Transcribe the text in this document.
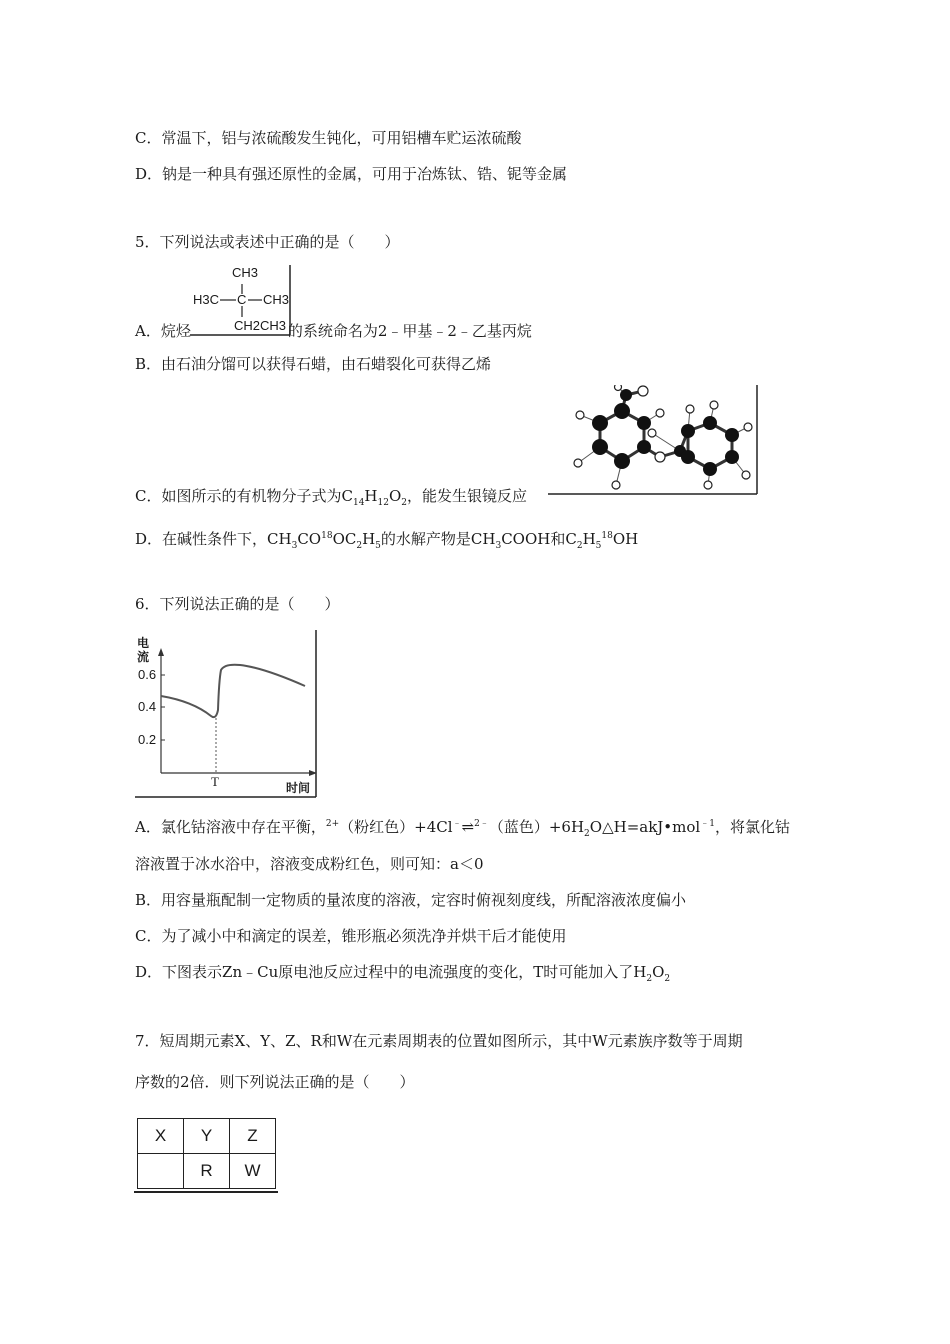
C．常温下，铝与浓硫酸发生钝化，可用铝槽车贮运浓硫酸
D．钠是一种具有强还原性的金属，可用于冶炼钛、锆、铌等金属
5．下列说法或表述中正确的是（　　）
CH3
H3C C CH3
CH2CH3
A．烷烃	的系统命名为2﹣甲基﹣2﹣乙基丙烷
B．由石油分馏可以获得石蜡，由石蜡裂化可获得乙烯
C．如图所示的有机物分子式为$C_{14}H_{12}O_2$，能发生银镜反应
D．在碱性条件下，$CH_3CO^{18}OC_2H_5$的水解产物是$CH_3COOH$和$C_2H_5^{18}OH$
6．下列说法正确的是（　　）
电
流
0.6
0.4
0.2
T	时间
A．氯化钴溶液中存在平衡，$^{2+}$（粉红色）+4Cl﹣⇌$^{2﹣}$（蓝色）$+6H_2O\triangle H=akJ•mol^{﹣1}$，将氯化钴
溶液置于冰水浴中，溶液变成粉红色，则可知：a＜0
B．用容量瓶配制一定物质的量浓度的溶液，定容时俯视刻度线，所配溶液浓度偏小
C．为了减小中和滴定的误差，锥形瓶必须洗净并烘干后才能使用
D．下图表示Zn﹣Cu原电池反应过程中的电流强度的变化，T时可能加入了$H_2O_2$
7．短周期元素X、Y、Z、R和W在元素周期表的位置如图所示，其中W元素族序数等于周期
序数的2倍．则下列说法正确的是（　　）
X	Y	Z
	R	W
